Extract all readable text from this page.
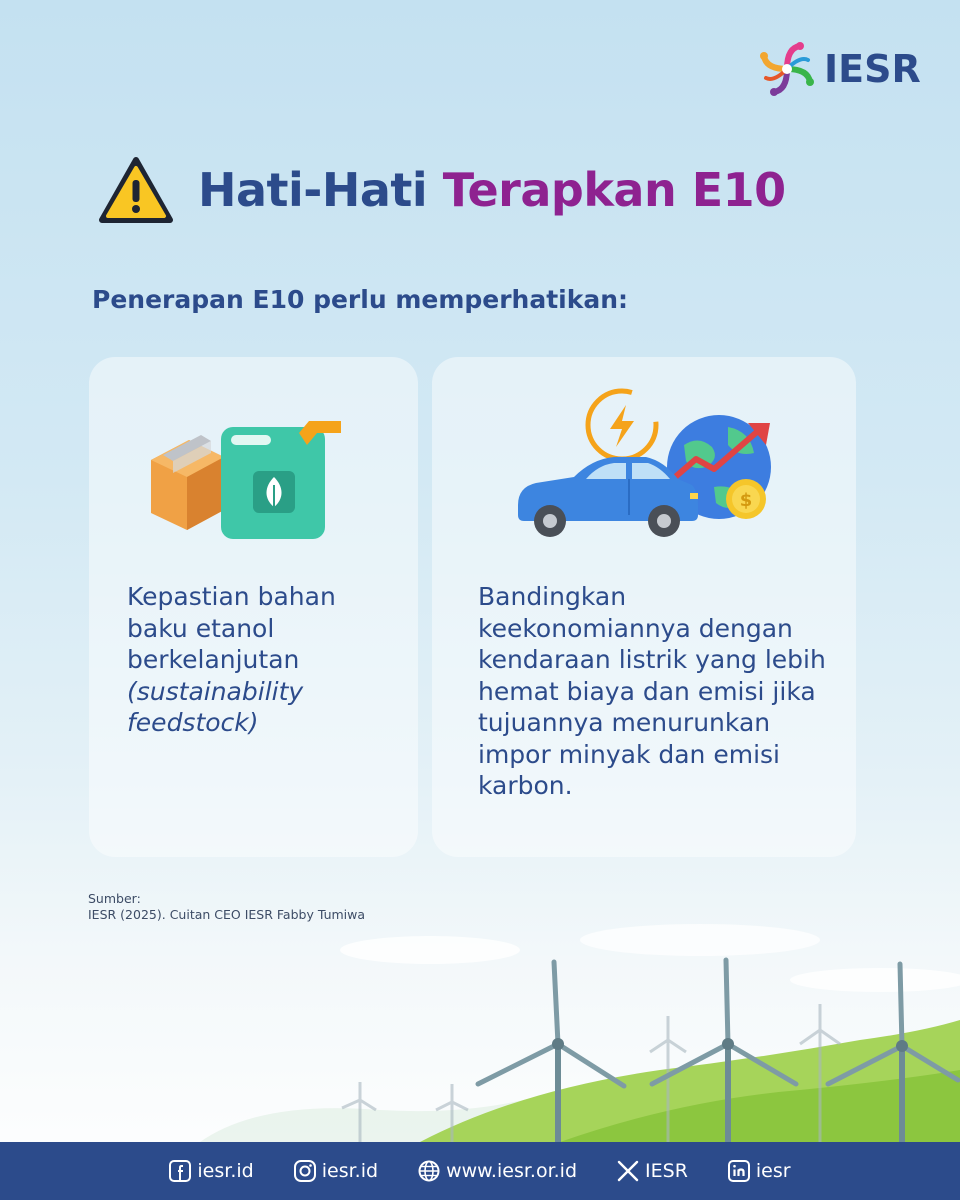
IESR
Hati-Hati Terapkan E10
Penerapan E10 perlu memperhatikan:
Kepastian bahan baku etanol berkelanjutan (sustainability feedstock)
$
Bandingkan keekonomiannya dengan kendaraan listrik yang lebih hemat biaya dan emisi jika tujuannya menurunkan impor minyak dan emisi karbon.
Sumber:
IESR (2025). Cuitan CEO IESR Fabby Tumiwa
iesr.id	iesr.id	www.iesr.or.id	IESR	iesr
